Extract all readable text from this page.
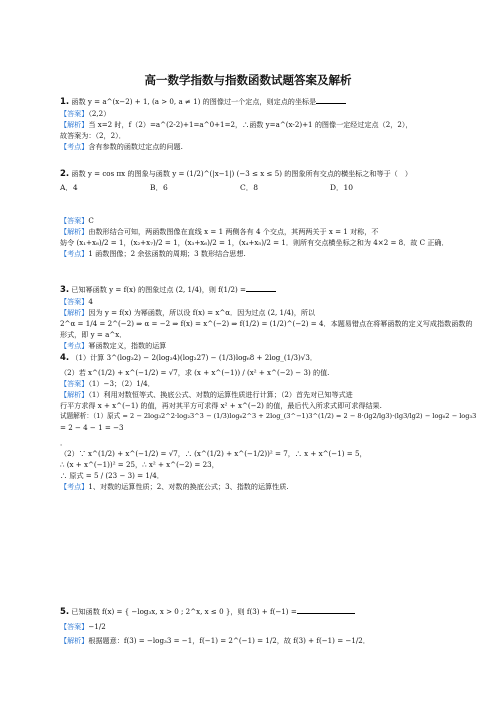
高一数学指数与指数函数试题答案及解析
1. 函数 y = a^(x−2) + 1, (a > 0, a ≠ 1) 的图像过一个定点，则定点的坐标是
【答案】（2,2）
【解析】当 x=2 时，f（2）=a^(2-2)+1=a^0+1=2，∴函数 y=a^(x-2)+1 的图像一定经过定点（2，2），
故答案为：（2，2）．
【考点】含有参数的函数过定点的问题.
2. 函数 y = cos πx 的图象与函数 y = (1/2)^(|x−1|) (−3 ≤ x ≤ 5) 的图象所有交点的横坐标之和等于（　）
A．4	B．6	C．8	D．10
【答案】C
【解析】由数形结合可知，两函数图像在直线 x = 1 两侧各有 4 个交点，其两两关于 x = 1 对称，不
妨令 (x₁+x₈)/2 = 1，(x₂+x₇)/2 = 1，(x₃+x₆)/2 = 1，(x₄+x₅)/2 = 1．则所有交点横坐标之和为 4×2 = 8．故 C 正确．
【考点】1 函数图像；2 余弦函数的周期；3 数形结合思想.
3. 已知幂函数 y = f(x) 的图象过点 (2, 1/4)，则 f(1/2) =
【答案】4
【解析】因为 y = f(x) 为幂函数，所以设 f(x) = x^α．因为过点 (2, 1/4)，所以
2^α = 1/4 = 2^(−2) ⇒ α = −2 ⇒ f(x) = x^(−2) ⇒ f(1/2) = (1/2)^(−2) = 4．本题易错点在将幂函数的定义写成指数函数的
形式，即 y = a^x．
【考点】幂函数定义，指数的运算
4. （1）计算 3^(log₃2) − 2(log₃4)(log₂27) − (1/3)log₆8 + 2log_(1/3)√3．
（2）若 x^(1/2) + x^(−1/2) = √7，求 (x + x^(−1)) / (x² + x^(−2) − 3) 的值.
【答案】（1）−3；（2）1/4．
【解析】（1）利用对数恒等式、换底公式、对数的运算性质进行计算；（2）首先对已知等式进
行平方求得 x + x^(−1) 的值，再对其平方可求得 x² + x^(−2) 的值，最后代入所求式即可求得结果.
试题解析：（1）原式 = 2 − 2log₃2^2·log₂3^3 − (1/3)log₆2^3 + 2log_(3^−1)3^(1/2) = 2 − 8·(lg2/lg3)·(lg3/lg2) − log₆2 − log₃3
= 2 − 4 − 1 = −3
．
（2）∵ x^(1/2) + x^(−1/2) = √7，∴ (x^(1/2) + x^(−1/2))² = 7，∴ x + x^(−1) = 5，
∴ (x + x^(−1))² = 25，∴ x² + x^(−2) = 23，
∴ 原式 = 5 / (23 − 3) = 1/4．
【考点】1、对数的运算性质；2、对数的换底公式；3、指数的运算性质.
5. 已知函数 f(x) = { −log₃x, x > 0 ; 2^x, x ≤ 0 }，则 f(3) + f(−1) =
【答案】−1/2
【解析】根据题意：f(3) = −log₃3 = −1，f(−1) = 2^(−1) = 1/2，故 f(3) + f(−1) = −1/2．
